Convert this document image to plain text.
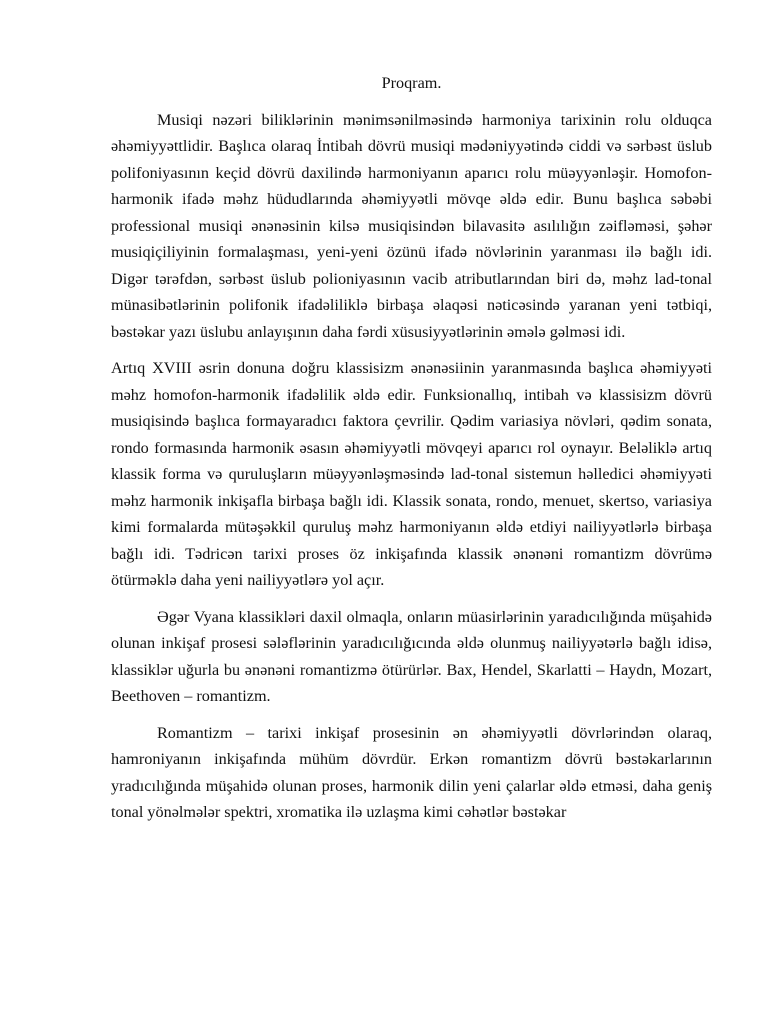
Proqram.

Musiqi nəzəri biliklərinin mənimsənilməsində harmoniya tarixinin rolu olduqca əhəmiyyəttlidir. Başlıca olaraq İntibah dövrü musiqi mədəniyyətində ciddi və sərbəst üslub polifoniyasının keçid dövrü daxilində harmoniyanın aparıcı rolu müəyyənləşir. Homofon-harmonik ifadə məhz hüdudlarında əhəmiyyətli mövqe əldə edir. Bunu başlıca səbəbi professional musiqi ənənəsinin kilsə musiqisindən bilavasitə asılılığın zəifləməsi, şəhər musiqiçiliyinin formalaşması, yeni-yeni özünü ifadə növlərinin yaranması ilə bağlı idi. Digər tərəfdən, sərbəst üslub polioniyasının vacib atributlarından biri də, məhz lad-tonal münasibətlərinin polifonik ifadəliliklə birbaşa əlaqəsi nəticəsində yaranan yeni tətbiqi, bəstəkar yazı üslubu anlayışının daha fərdi xüsusiyyətlərinin əmələ gəlməsi idi.

Artıq XVIII əsrin donuna doğru klassisizm ənənəsiinin yaranmasında başlıca əhəmiyyəti məhz homofon-harmonik ifadəlilik əldə edir. Funksionallıq, intibah və klassisizm dövrü musiqisində başlıca formayaradıcı faktora çevrilir. Qədim variasiya növləri, qədim sonata, rondo formasında harmonik əsasın əhəmiyyətli mövqeyi aparıcı rol oynayır. Beləliklə artıq klassik forma və quruluşların müəyyənləşməsində lad-tonal sistemun həlledici əhəmiyyəti məhz harmonik inkişafla birbaşa bağlı idi. Klassik sonata, rondo, menuet, skertso, variasiya kimi formalarda mütəşəkkil quruluş məhz harmoniyanın əldə etdiyi nailiyyətlərlə birbaşa bağlı idi. Tədricən tarixi proses öz inkişafında klassik ənənəni romantizm dövrümə ötürməklə daha yeni nailiyyətlərə yol açır.

Əgər Vyana klassikləri daxil olmaqla, onların müasirlərinin yaradıcılığında müşahidə olunan inkişaf prosesi sələflərinin yaradıcılığıcında əldə olunmuş nailiyyətərlə bağlı idisə, klassiklər uğurla bu ənənəni romantizmə ötürürlər. Bax, Hendel, Skarlatti – Haydn, Mozart, Beethoven – romantizm.

Romantizm – tarixi inkişaf prosesinin ən əhəmiyyətli dövrlərindən olaraq, hamroniyanın inkişafında mühüm dövrdür. Erkən romantizm dövrü bəstəkarlarının yradıcılığında müşahidə olunan proses, harmonik dilin yeni çalarlar əldə etməsi, daha geniş tonal yönəlmələr spektri, xromatika ilə uzlaşma kimi cəhətlər bəstəkar
